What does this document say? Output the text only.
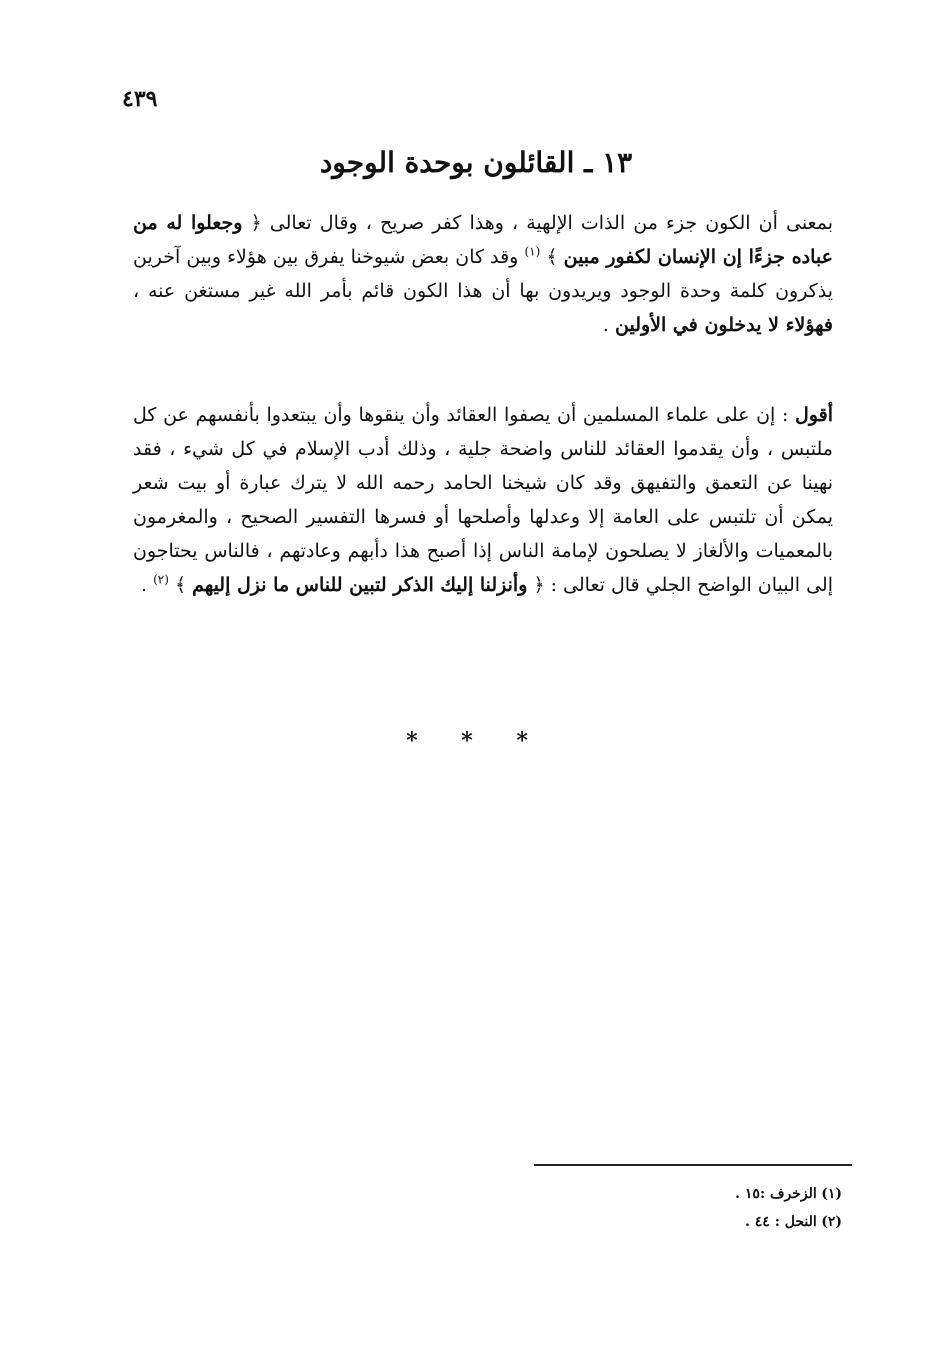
٤٣٩
١٣ ـ القائلون بوحدة الوجود

بمعنى أن الكون جزء من الذات الإلهية ، وهذا كفر صريح ، وقال تعالى ﴿ وجعلوا له من عباده جزءًا إن الإنسان لكفور مبين ﴾ $^{(١)}$ وقد كان بعض شيوخنا يفرق بين هؤلاء وبين آخرين يذكرون كلمة وحدة الوجود ويريدون بها أن هذا الكون قائم بأمر الله غير مستغن عنه ، فهؤلاء لا يدخلون في الأولين .

أقول : إن على علماء المسلمين أن يصفوا العقائد وأن ينقوها وأن يبتعدوا بأنفسهم عن كل ملتبس ، وأن يقدموا العقائد للناس واضحة جلية ، وذلك أدب الإسلام في كل شيء ، فقد نهينا عن التعمق والتفيهق وقد كان شيخنا الحامد رحمه الله لا يترك عبارة أو بيت شعر يمكن أن تلتبس على العامة إلا وعدلها وأصلحها أو فسرها التفسير الصحيح ، والمغرمون بالمعميات والألغاز لا يصلحون لإمامة الناس إذا أصبح هذا دأبهم وعادتهم ، فالناس يحتاجون إلى البيان الواضح الجلي قال تعالى : ﴿ وأنزلنا إليك الذكر لتبين للناس ما نزل إليهم ﴾ $^{(٢)}$ .

* * *
(١) الزخرف :١٥ .
(٢) النحل : ٤٤ .
